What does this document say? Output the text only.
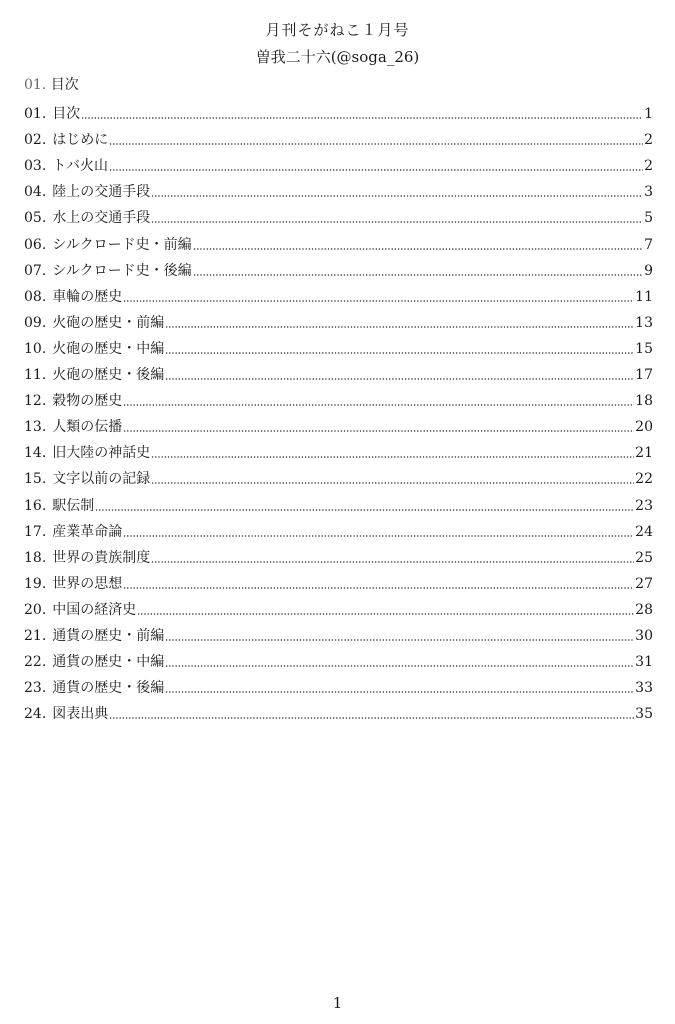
月刊そがねこ１月号
曽我二十六(@soga_26)
01. 目次
01. 目次	1
02. はじめに	2
03. トバ火山	2
04. 陸上の交通手段	3
05. 水上の交通手段	5
06. シルクロード史・前編	7
07. シルクロード史・後編	9
08. 車輪の歴史	11
09. 火砲の歴史・前編	13
10. 火砲の歴史・中編	15
11. 火砲の歴史・後編	17
12. 穀物の歴史	18
13. 人類の伝播	20
14. 旧大陸の神話史	21
15. 文字以前の記録	22
16. 駅伝制	23
17. 産業革命論	24
18. 世界の貴族制度	25
19. 世界の思想	27
20. 中国の経済史	28
21. 通貨の歴史・前編	30
22. 通貨の歴史・中編	31
23. 通貨の歴史・後編	33
24. 図表出典	35
1
